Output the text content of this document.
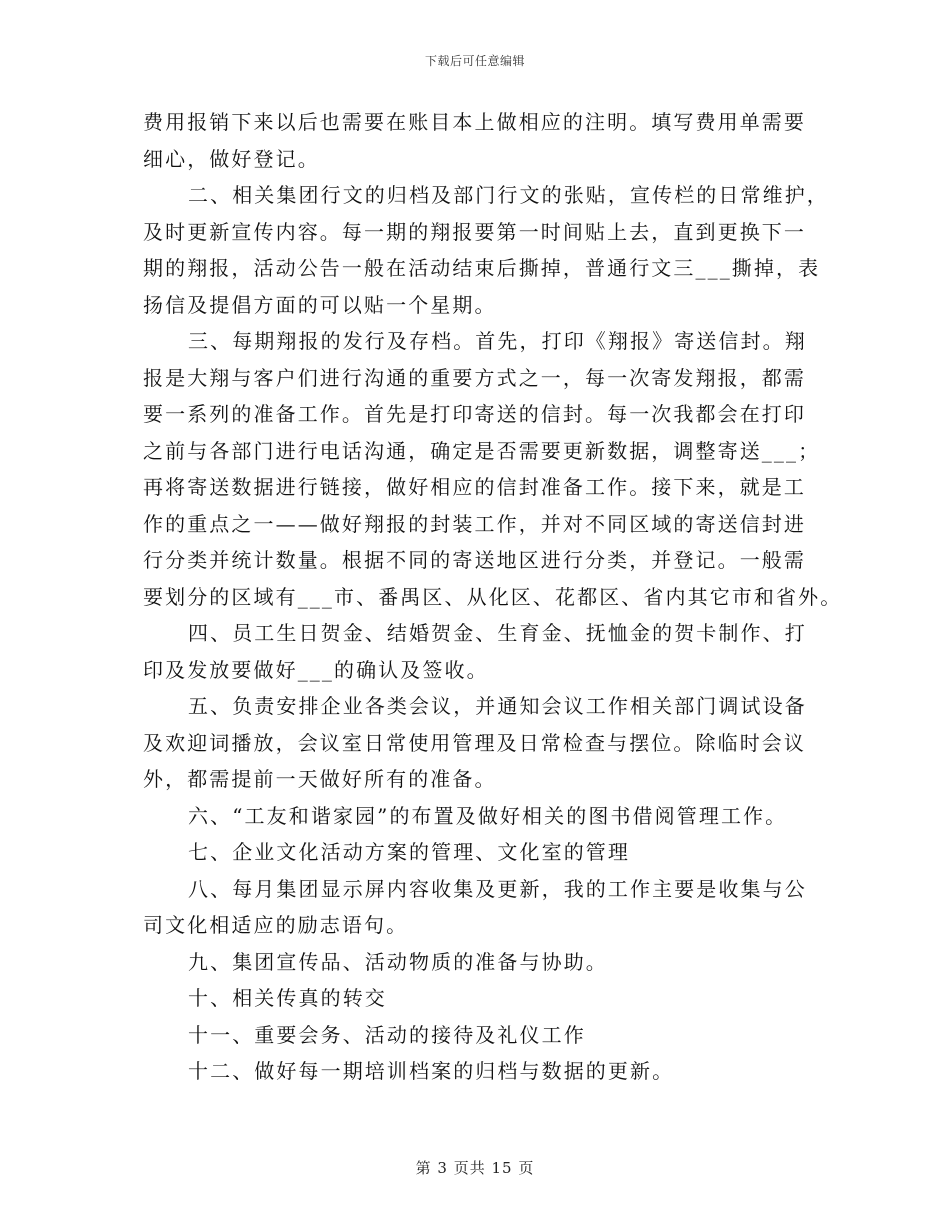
下载后可任意编辑

费用报销下来以后也需要在账目本上做相应的注明。填写费用单需要
细心，做好登记。

二、相关集团行文的归档及部门行文的张贴，宣传栏的日常维护，
及时更新宣传内容。每一期的翔报要第一时间贴上去，直到更换下一
期的翔报，活动公告一般在活动结束后撕掉，普通行文三___撕掉，表
扬信及提倡方面的可以贴一个星期。

三、每期翔报的发行及存档。首先，打印《翔报》寄送信封。翔
报是大翔与客户们进行沟通的重要方式之一，每一次寄发翔报，都需
要一系列的准备工作。首先是打印寄送的信封。每一次我都会在打印
之前与各部门进行电话沟通，确定是否需要更新数据，调整寄送___；
再将寄送数据进行链接，做好相应的信封准备工作。接下来，就是工
作的重点之一——做好翔报的封装工作，并对不同区域的寄送信封进
行分类并统计数量。根据不同的寄送地区进行分类，并登记。一般需
要划分的区域有___市、番禺区、从化区、花都区、省内其它市和省外。

四、员工生日贺金、结婚贺金、生育金、抚恤金的贺卡制作、打
印及发放要做好___的确认及签收。

五、负责安排企业各类会议，并通知会议工作相关部门调试设备
及欢迎词播放，会议室日常使用管理及日常检查与摆位。除临时会议
外，都需提前一天做好所有的准备。

六、“工友和谐家园”的布置及做好相关的图书借阅管理工作。

七、企业文化活动方案的管理、文化室的管理

八、每月集团显示屏内容收集及更新，我的工作主要是收集与公
司文化相适应的励志语句。

九、集团宣传品、活动物质的准备与协助。

十、相关传真的转交

十一、重要会务、活动的接待及礼仪工作

十二、做好每一期培训档案的归档与数据的更新。

第 3 页共 15 页
